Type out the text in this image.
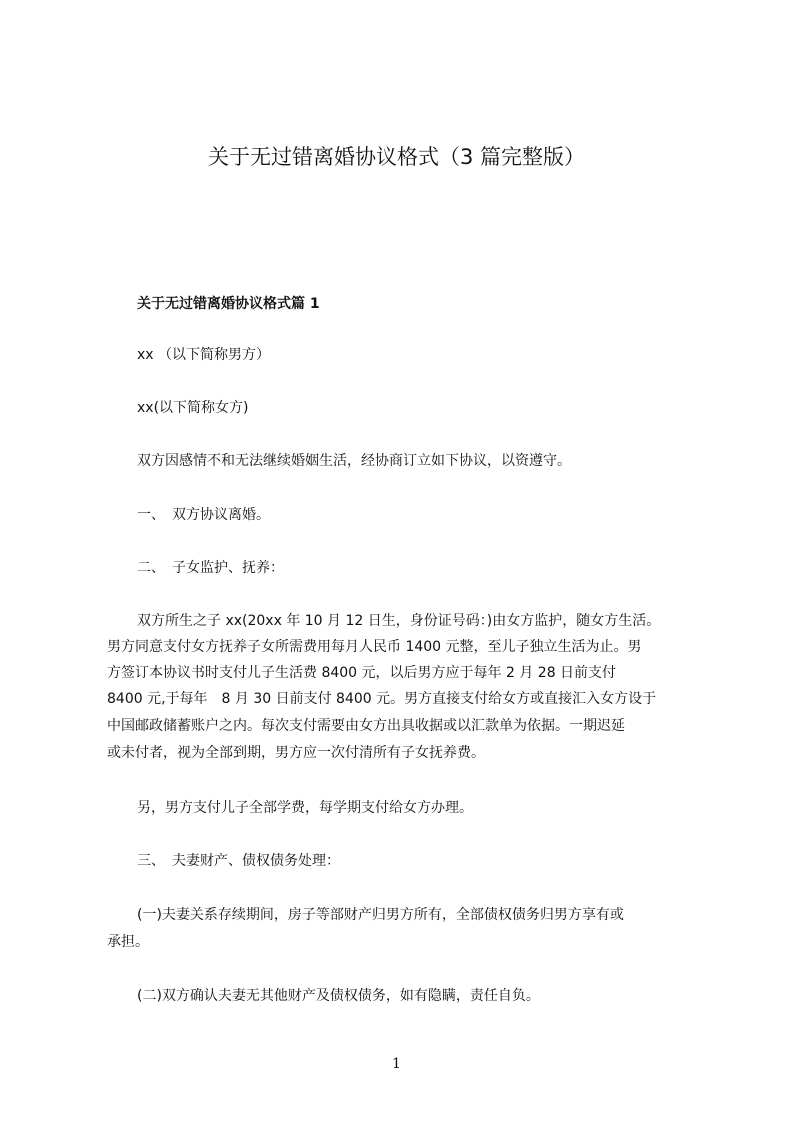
关于无过错离婚协议格式（3 篇完整版）
关于无过错离婚协议格式篇 1
xx （以下简称男方）
xx(以下简称女方)
双方因感情不和无法继续婚姻生活，经协商订立如下协议，以资遵守。
一、　双方协议离婚。
二、　子女监护、抚养：
双方所生之子 xx(20xx 年 10 月 12 日生，身份证号码：)由女方监护，随女方生活。
男方同意支付女方抚养子女所需费用每月人民币 1400 元整，至儿子独立生活为止。男
方签订本协议书时支付儿子生活费 8400 元，以后男方应于每年 2 月 28 日前支付
8400 元,于每年　8 月 30 日前支付 8400 元。男方直接支付给女方或直接汇入女方设于
中国邮政储蓄账户之内。每次支付需要由女方出具收据或以汇款单为依据。一期迟延
或未付者，视为全部到期，男方应一次付清所有子女抚养费。
另，男方支付儿子全部学费，每学期支付给女方办理。
三、　夫妻财产、债权债务处理：
(一)夫妻关系存续期间，房子等部财产归男方所有，全部债权债务归男方享有或
承担。
(二)双方确认夫妻无其他财产及债权债务，如有隐瞒，责任自负。
1
